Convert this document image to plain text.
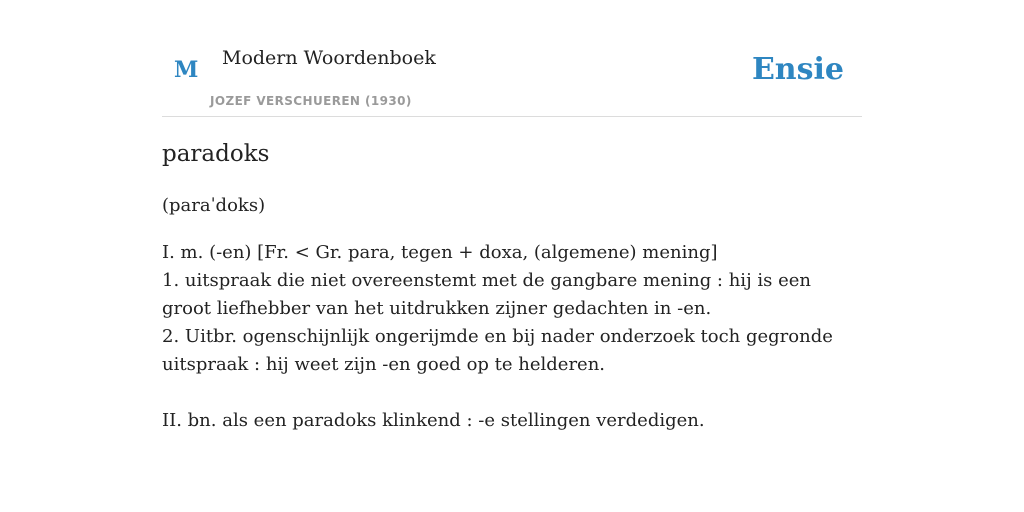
M Modern Woordenboek
JOZEF VERSCHUEREN (1930)
Ensie
paradoks
(paraˈdoks)
I. m. (-en) [Fr. < Gr. para, tegen + doxa, (algemene) mening]
1. uitspraak die niet overeenstemt met de gangbare mening : hij is een groot liefhebber van het uitdrukken zijner gedachten in -en.
2. Uitbr. ogenschijnlijk ongerijmde en bij nader onderzoek toch gegronde uitspraak : hij weet zijn -en goed op te helderen.
II. bn. als een paradoks klinkend : -e stellingen verdedigen.
